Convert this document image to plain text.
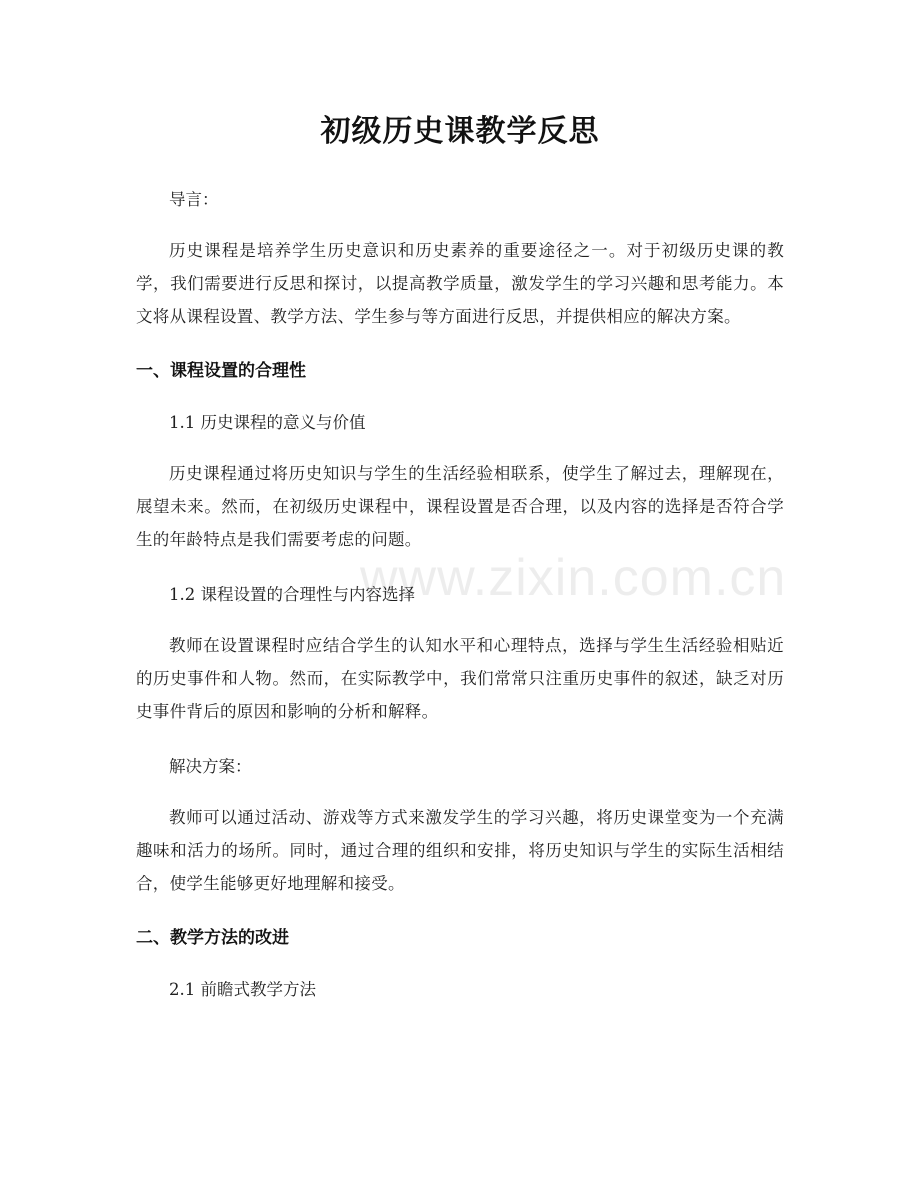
初级历史课教学反思

导言：

历史课程是培养学生历史意识和历史素养的重要途径之一。对于初级历史课的教学，我们需要进行反思和探讨，以提高教学质量，激发学生的学习兴趣和思考能力。本文将从课程设置、教学方法、学生参与等方面进行反思，并提供相应的解决方案。

一、课程设置的合理性

1.1 历史课程的意义与价值

历史课程通过将历史知识与学生的生活经验相联系，使学生了解过去，理解现在，展望未来。然而，在初级历史课程中，课程设置是否合理，以及内容的选择是否符合学生的年龄特点是我们需要考虑的问题。

1.2 课程设置的合理性与内容选择

教师在设置课程时应结合学生的认知水平和心理特点，选择与学生生活经验相贴近的历史事件和人物。然而，在实际教学中，我们常常只注重历史事件的叙述，缺乏对历史事件背后的原因和影响的分析和解释。

解决方案：

教师可以通过活动、游戏等方式来激发学生的学习兴趣，将历史课堂变为一个充满趣味和活力的场所。同时，通过合理的组织和安排，将历史知识与学生的实际生活相结合，使学生能够更好地理解和接受。

二、教学方法的改进

2.1 前瞻式教学方法

www.zixin.com.cn
